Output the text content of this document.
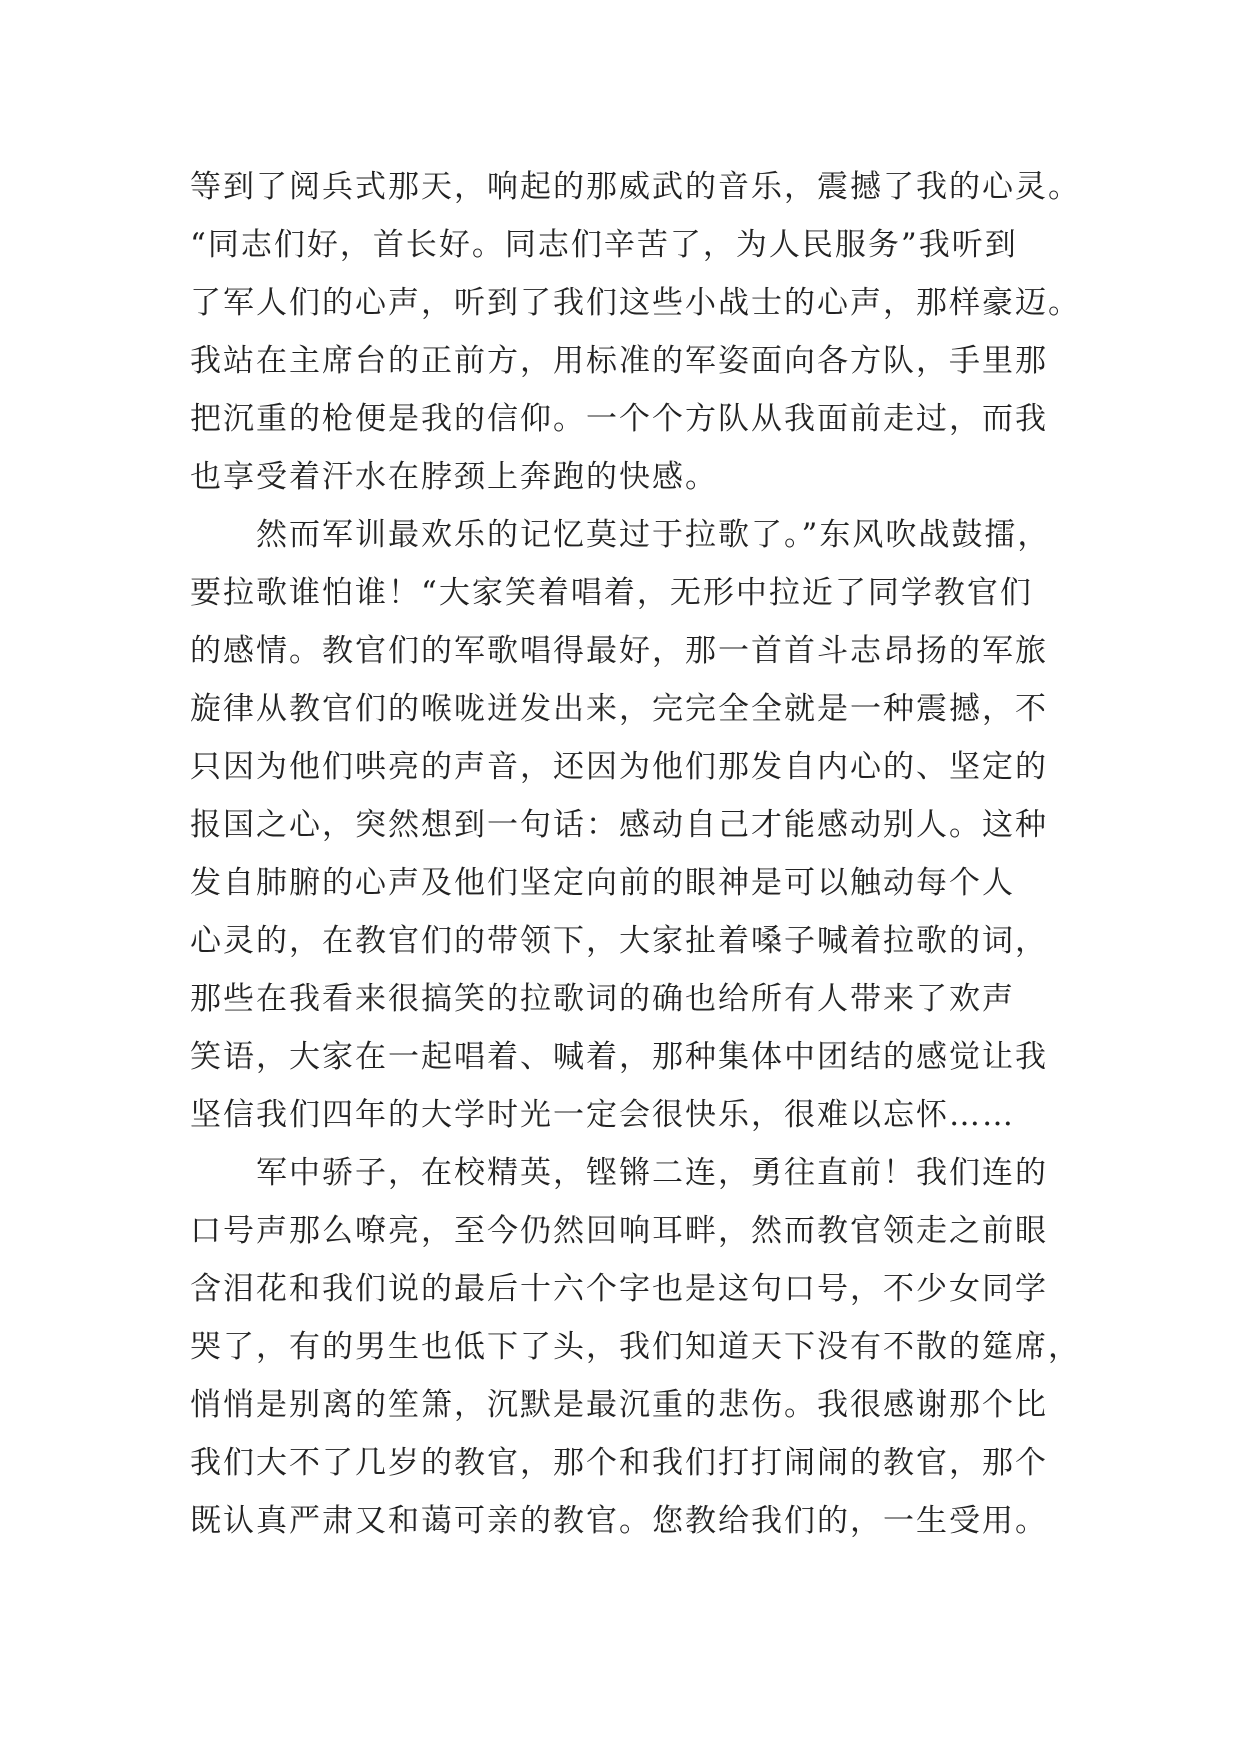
等到了阅兵式那天，响起的那威武的音乐，震撼了我的心灵。
“同志们好，首长好。同志们辛苦了，为人民服务”我听到
了军人们的心声，听到了我们这些小战士的心声，那样豪迈。
我站在主席台的正前方，用标准的军姿面向各方队，手里那
把沉重的枪便是我的信仰。一个个方队从我面前走过，而我
也享受着汗水在脖颈上奔跑的快感。
然而军训最欢乐的记忆莫过于拉歌了。”东风吹战鼓擂，
要拉歌谁怕谁！“大家笑着唱着，无形中拉近了同学教官们
的感情。教官们的军歌唱得最好，那一首首斗志昂扬的军旅
旋律从教官们的喉咙迸发出来，完完全全就是一种震撼，不
只因为他们哄亮的声音，还因为他们那发自内心的、坚定的
报国之心，突然想到一句话：感动自己才能感动别人。这种
发自肺腑的心声及他们坚定向前的眼神是可以触动每个人
心灵的，在教官们的带领下，大家扯着嗓子喊着拉歌的词，
那些在我看来很搞笑的拉歌词的确也给所有人带来了欢声
笑语，大家在一起唱着、喊着，那种集体中团结的感觉让我
坚信我们四年的大学时光一定会很快乐，很难以忘怀……
军中骄子，在校精英，铿锵二连，勇往直前！我们连的
口号声那么嘹亮，至今仍然回响耳畔，然而教官领走之前眼
含泪花和我们说的最后十六个字也是这句口号，不少女同学
哭了，有的男生也低下了头，我们知道天下没有不散的筵席，
悄悄是别离的笙箫，沉默是最沉重的悲伤。我很感谢那个比
我们大不了几岁的教官，那个和我们打打闹闹的教官，那个
既认真严肃又和蔼可亲的教官。您教给我们的，一生受用。
